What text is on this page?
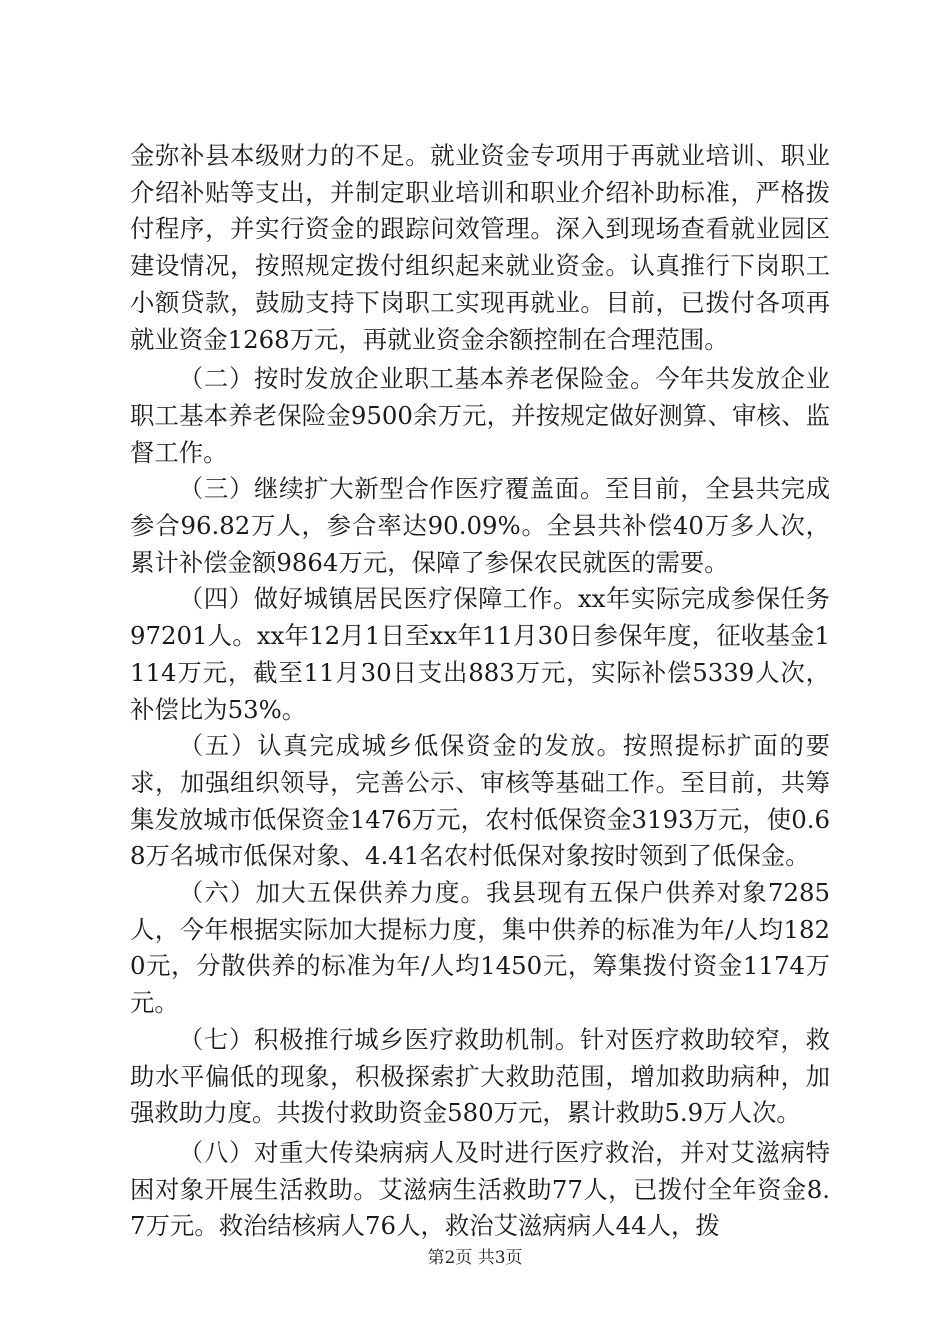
金弥补县本级财力的不足。就业资金专项用于再就业培训、职业介绍补贴等支出，并制定职业培训和职业介绍补助标准，严格拨付程序，并实行资金的跟踪问效管理。深入到现场查看就业园区建设情况，按照规定拨付组织起来就业资金。认真推行下岗职工小额贷款，鼓励支持下岗职工实现再就业。目前，已拨付各项再就业资金1268万元，再就业资金余额控制在合理范围。

（二）按时发放企业职工基本养老保险金。今年共发放企业职工基本养老保险金9500余万元，并按规定做好测算、审核、监督工作。

（三）继续扩大新型合作医疗覆盖面。至目前，全县共完成参合96.82万人，参合率达90.09%。全县共补偿40万多人次，累计补偿金额9864万元，保障了参保农民就医的需要。

（四）做好城镇居民医疗保障工作。xx年实际完成参保任务97201人。xx年12月1日至xx年11月30日参保年度，征收基金1114万元，截至11月30日支出883万元，实际补偿5339人次，补偿比为53%。

（五）认真完成城乡低保资金的发放。按照提标扩面的要求，加强组织领导，完善公示、审核等基础工作。至目前，共筹集发放城市低保资金1476万元，农村低保资金3193万元，使0.68万名城市低保对象、4.41名农村低保对象按时领到了低保金。

（六）加大五保供养力度。我县现有五保户供养对象7285人，今年根据实际加大提标力度，集中供养的标准为年/人均1820元，分散供养的标准为年/人均1450元，筹集拨付资金1174万元。

（七）积极推行城乡医疗救助机制。针对医疗救助较窄，救助水平偏低的现象，积极探索扩大救助范围，增加救助病种，加强救助力度。共拨付救助资金580万元，累计救助5.9万人次。

（八）对重大传染病病人及时进行医疗救治，并对艾滋病特困对象开展生活救助。艾滋病生活救助77人，已拨付全年资金8.7万元。救治结核病人76人，救治艾滋病病人44人，拨

第2页 共3页
